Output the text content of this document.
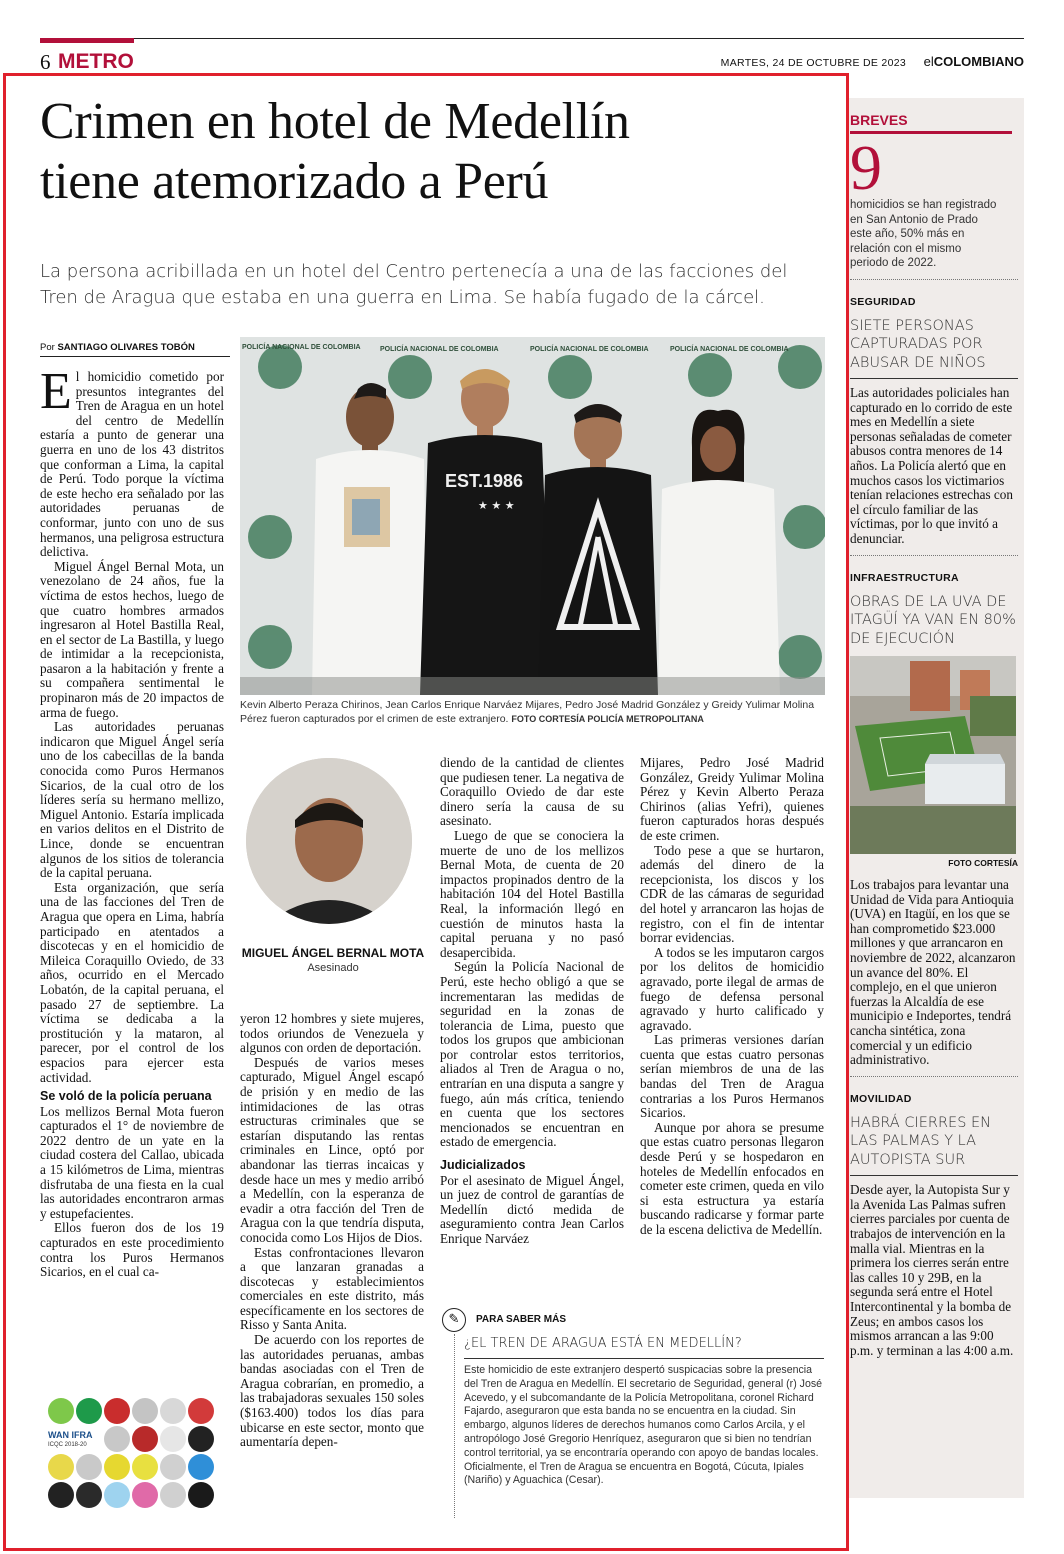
6 METRO	MARTES, 24 DE OCTUBRE DE 2023 elCOLOMBIANO
Crimen en hotel de Medellín
tiene atemorizado a Perú
La persona acribillada en un hotel del Centro pertenecía a una de las facciones del Tren de Aragua que estaba en una guerra en Lima. Se había fugado de la cárcel.
Por SANTIAGO OLIVARES TOBÓN

El homicidio cometido por presuntos integrantes del Tren de Aragua en un hotel del centro de Medellín estaría a punto de generar una guerra en uno de los 43 distritos que conforman a Lima, la capital de Perú. Todo porque la víctima de este hecho era señalado por las autoridades peruanas de conformar, junto con uno de sus hermanos, una peligrosa estructura delictiva.

Miguel Ángel Bernal Mota, un venezolano de 24 años, fue la víctima de estos hechos, luego de que cuatro hombres armados ingresaron al Hotel Bastilla Real, en el sector de La Bastilla, y luego de intimidar a la recepcionista, pasaron a la habitación y frente a su compañera sentimental le propinaron más de 20 impactos de arma de fuego.

Las autoridades peruanas indicaron que Miguel Ángel sería uno de los cabecillas de la banda conocida como Puros Hermanos Sicarios, de la cual otro de los líderes sería su hermano mellizo, Miguel Antonio. Estaría implicada en varios delitos en el Distrito de Lince, donde se encuentran algunos de los sitios de tolerancia de la capital peruana.

Esta organización, que sería una de las facciones del Tren de Aragua que opera en Lima, habría participado en atentados a discotecas y en el homicidio de Mileica Coraquillo Oviedo, de 33 años, ocurrido en el Mercado Lobatón, de la capital peruana, el pasado 27 de septiembre. La víctima se dedicaba a la prostitución y la mataron, al parecer, por el control de los espacios para ejercer esta actividad.

Se voló de la policía peruana

Los mellizos Bernal Mota fueron capturados el 1° de noviembre de 2022 dentro de un yate en la ciudad costera del Callao, ubicada a 15 kilómetros de Lima, mientras disfrutaba de una fiesta en la cual las autoridades encontraron armas y estupefacientes.

Ellos fueron dos de los 19 capturados en este procedimiento contra los Puros Hermanos Sicarios, en el cual ca-

POLICÍA NACIONAL DE COLOMBIA	POLICÍA NACIONAL DE COLOMBIA	POLICÍA NACIONAL DE COLOMBIA	POLICÍA NACIONAL DE COLOMBIA
EST.1986
★ ★ ★
Kevin Alberto Peraza Chirinos, Jean Carlos Enrique Narváez Mijares, Pedro José Madrid González y Greidy Yulimar Molina Pérez fueron capturados por el crimen de este extranjero. FOTO CORTESÍA POLICÍA METROPOLITANA
MIGUEL ÁNGEL BERNAL MOTA
Asesinado

yeron 12 hombres y siete mujeres, todos oriundos de Venezuela y algunos con orden de deportación.

Después de varios meses capturado, Miguel Ángel escapó de prisión y en medio de las intimidaciones de las otras estructuras criminales que se estarían disputando las rentas criminales en Lince, optó por abandonar las tierras incaicas y desde hace un mes y medio arribó a Medellín, con la esperanza de evadir a otra facción del Tren de Aragua con la que tendría disputa, conocida como Los Hijos de Dios.

Estas confrontaciones llevaron a que lanzaran granadas a discotecas y establecimientos comerciales en este distrito, más específicamente en los sectores de Risso y Santa Anita.

De acuerdo con los reportes de las autoridades peruanas, ambas bandas asociadas con el Tren de Aragua cobrarían, en promedio, a las trabajadoras sexuales 150 soles ($163.400) todos los días para ubicarse en este sector, monto que aumentaría depen-

diendo de la cantidad de clientes que pudiesen tener. La negativa de Coraquillo Oviedo de dar este dinero sería la causa de su asesinato.

Luego de que se conociera la muerte de uno de los mellizos Bernal Mota, de cuenta de 20 impactos propinados dentro de la habitación 104 del Hotel Bastilla Real, la información llegó en cuestión de minutos hasta la capital peruana y no pasó desapercibida.

Según la Policía Nacional de Perú, este hecho obligó a que se incrementaran las medidas de seguridad en la zonas de tolerancia de Lima, puesto que todos los grupos que ambicionan por controlar estos territorios, aliados al Tren de Aragua o no, entrarían en una disputa a sangre y fuego, aún más crítica, teniendo en cuenta que los sectores mencionados se encuentran en estado de emergencia.

Judicializados

Por el asesinato de Miguel Ángel, un juez de control de garantías de Medellín dictó medida de aseguramiento contra Jean Carlos Enrique Narváez

Mijares, Pedro José Madrid González, Greidy Yulimar Molina Pérez y Kevin Alberto Peraza Chirinos (alias Yefri), quienes fueron capturados horas después de este crimen.

Todo pese a que se hurtaron, además del dinero de la recepcionista, los discos y los CDR de las cámaras de seguridad del hotel y arrancaron las hojas de registro, con el fin de intentar borrar evidencias.

A todos se les imputaron cargos por los delitos de homicidio agravado, porte ilegal de armas de fuego de defensa personal agravado y hurto calificado y agravado.

Las primeras versiones darían cuenta que estas cuatro personas serían miembros de una de las bandas del Tren de Aragua contrarias a los Puros Hermanos Sicarios.

Aunque por ahora se presume que estas cuatro personas llegaron desde Perú y se hospedaron en hoteles de Medellín enfocados en cometer este crimen, queda en vilo si esta estructura ya estaría buscando radicarse y formar parte de la escena delictiva de Medellín.

✎	PARA SABER MÁS
¿EL TREN DE ARAGUA ESTÁ EN MEDELLÍN?
Este homicidio de este extranjero despertó suspicacias sobre la presencia del Tren de Aragua en Medellín. El secretario de Seguridad, general (r) José Acevedo, y el subcomandante de la Policía Metropolitana, coronel Richard Fajardo, aseguraron que esta banda no se encuentra en la ciudad. Sin embargo, algunos líderes de derechos humanos como Carlos Arcila, y el antropólogo José Gregorio Henríquez, aseguraron que si bien no tendrían control territorial, ya se encontraría operando con apoyo de bandas locales. Oficialmente, el Tren de Aragua se encuentra en Bogotá, Cúcuta, Ipiales (Nariño) y Aguachica (Cesar).
WAN IFRA
ICQC 2018-20
BREVES
9
homicidios se han registrado en San Antonio de Prado este año, 50% más en relación con el mismo periodo de 2022.
SEGURIDAD
SIETE PERSONAS CAPTURADAS POR ABUSAR DE NIÑOS
Las autoridades policiales han capturado en lo corrido de este mes en Medellín a siete personas señaladas de cometer abusos contra menores de 14 años. La Policía alertó que en muchos casos los victimarios tenían relaciones estrechas con el círculo familiar de las víctimas, por lo que invitó a denunciar.
INFRAESTRUCTURA
OBRAS DE LA UVA DE ITAGÜÍ YA VAN EN 80% DE EJECUCIÓN
FOTO CORTESÍA
Los trabajos para levantar una Unidad de Vida para Antioquia (UVA) en Itagüí, en los que se han comprometido $23.000 millones y que arrancaron en noviembre de 2022, alcanzaron un avance del 80%. El complejo, en el que unieron fuerzas la Alcaldía de ese municipio e Indeportes, tendrá cancha sintética, zona comercial y un edificio administrativo.
MOVILIDAD
HABRÁ CIERRES EN LAS PALMAS Y LA AUTOPISTA SUR
Desde ayer, la Autopista Sur y la Avenida Las Palmas sufren cierres parciales por cuenta de trabajos de intervención en la malla vial. Mientras en la primera los cierres serán entre las calles 10 y 29B, en la segunda será entre el Hotel Intercontinental y la bomba de Zeus; en ambos casos los mismos arrancan a las 9:00 p.m. y terminan a las 4:00 a.m.
